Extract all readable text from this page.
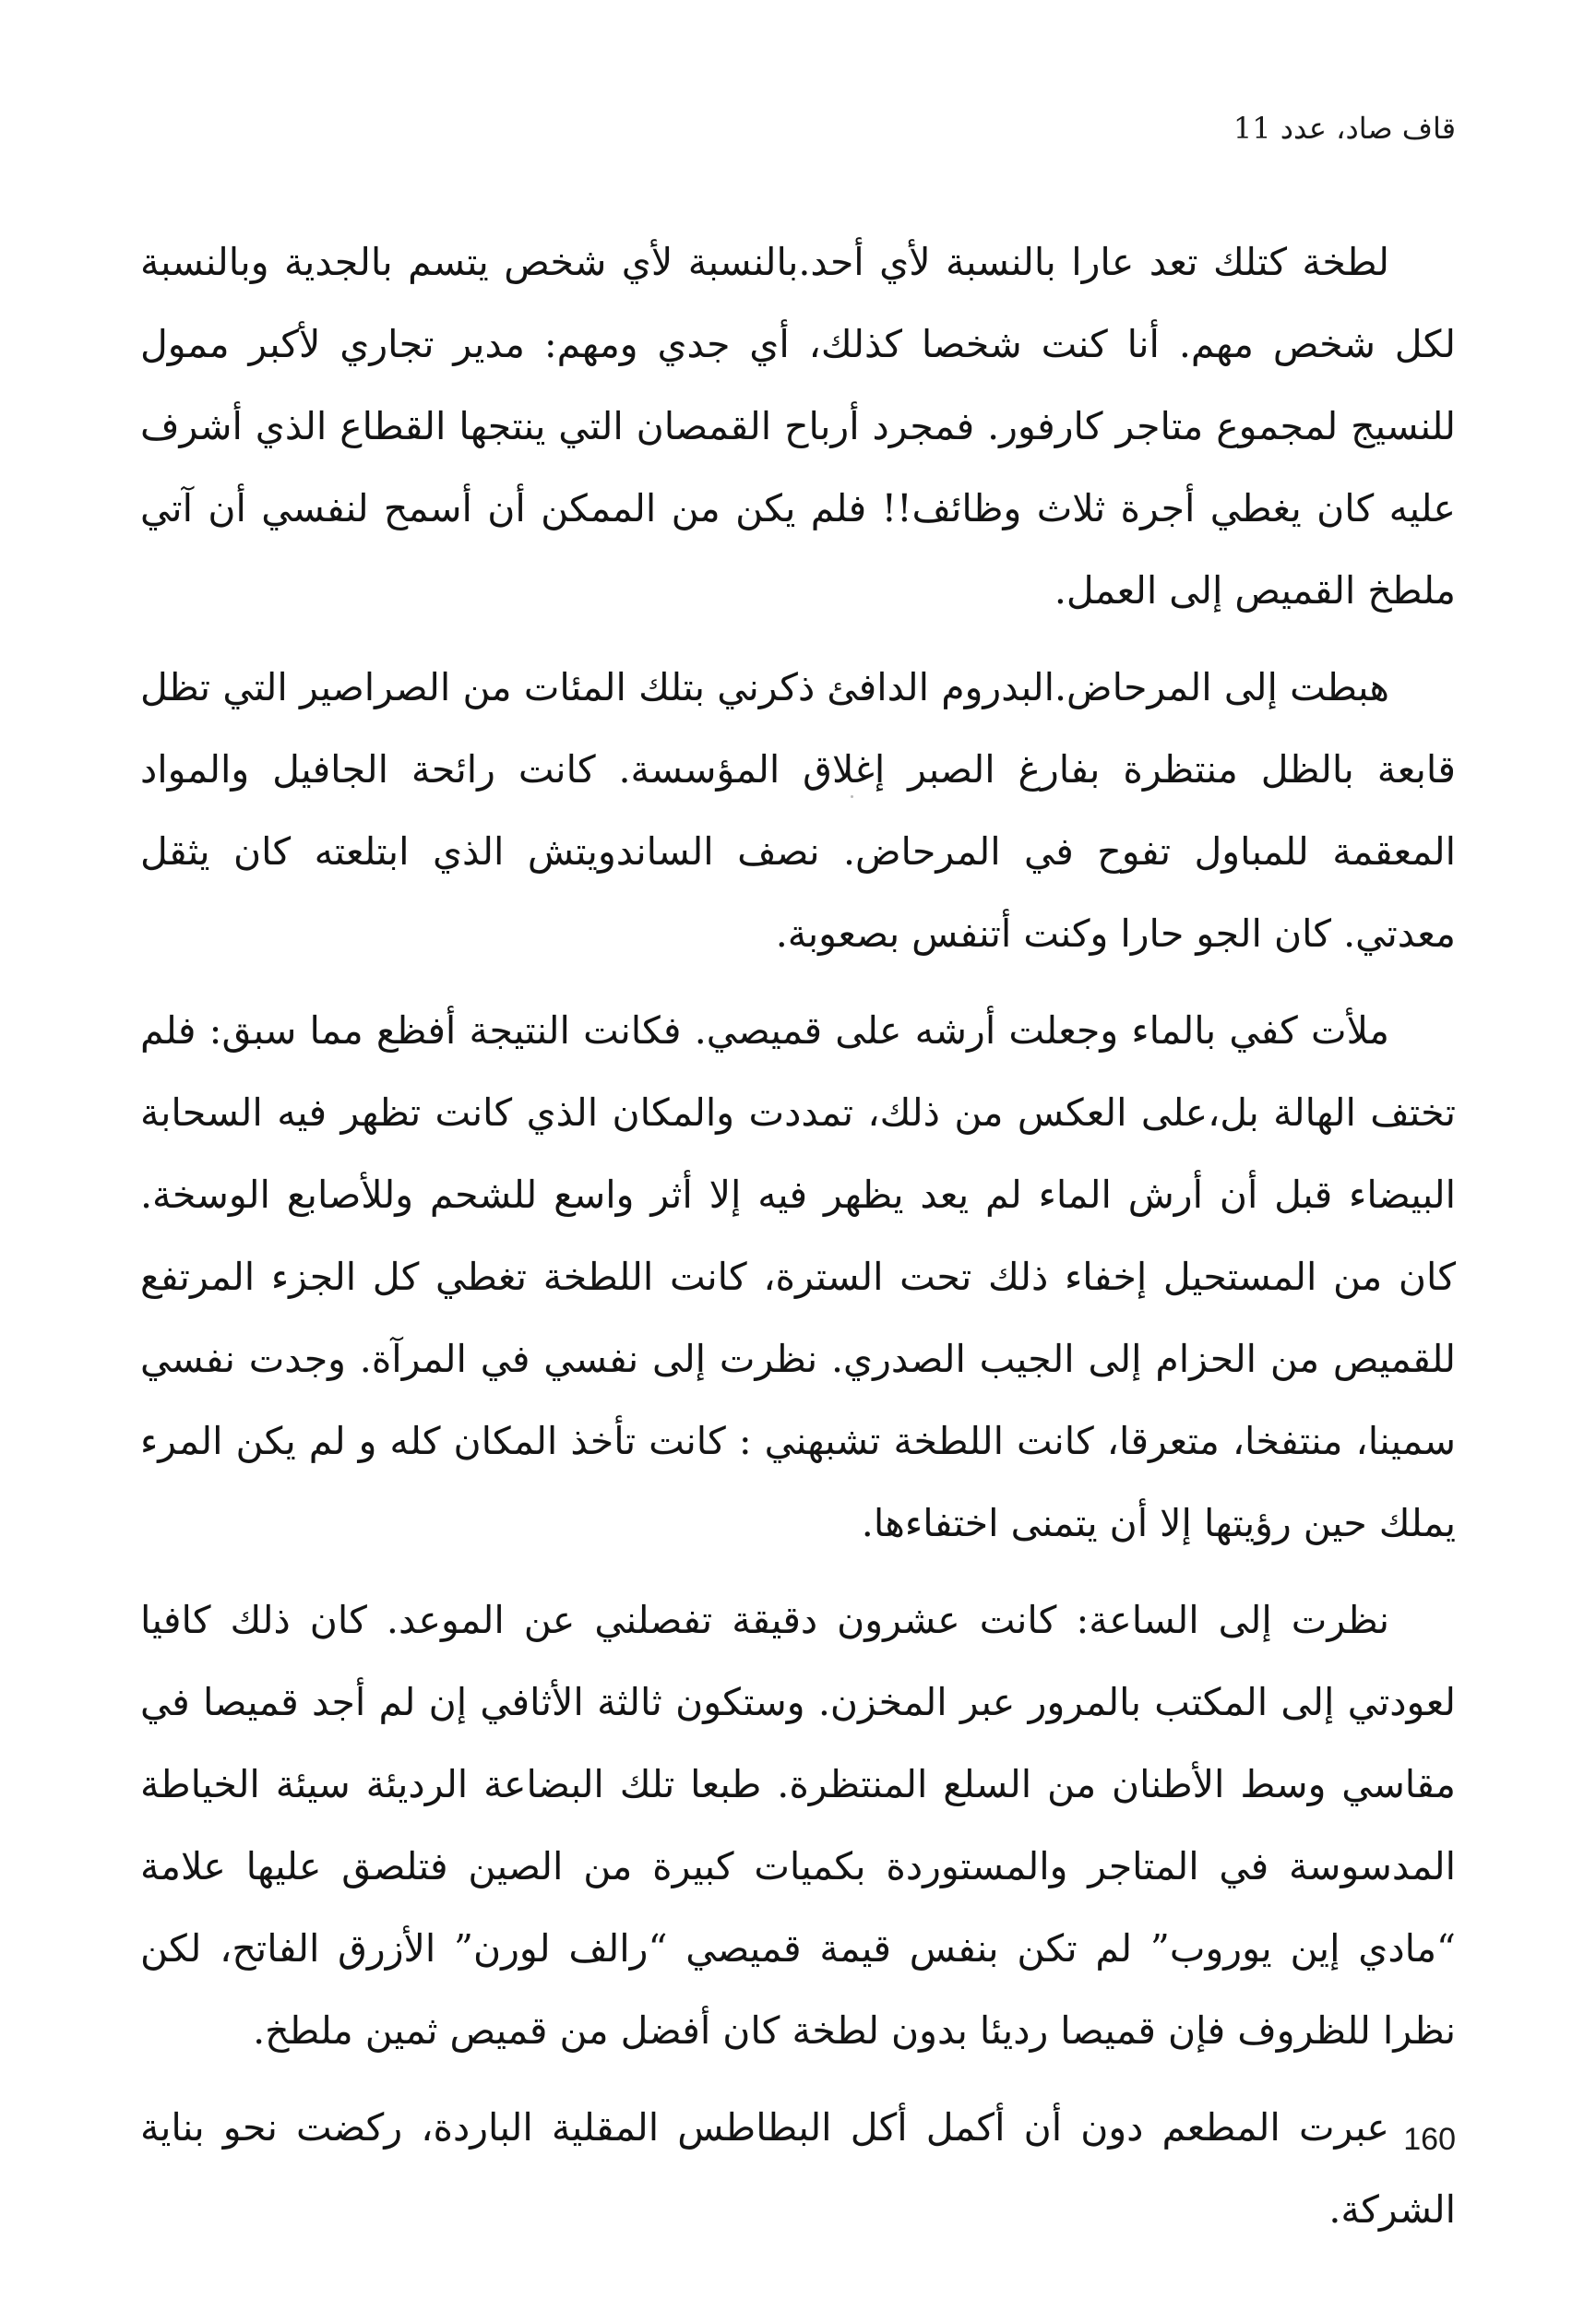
قاف صاد، عدد 11

لطخة كتلك تعد عارا بالنسبة لأي أحد.بالنسبة لأي شخص يتسم بالجدية وبالنسبة لكل شخص مهم. أنا كنت شخصا كذلك، أي جدي ومهم: مدير تجاري لأكبر ممول للنسيج لمجموع متاجر كارفور. فمجرد أرباح القمصان التي ينتجها القطاع الذي أشرف عليه كان يغطي أجرة ثلاث وظائف!! فلم يكن من الممكن أن أسمح لنفسي أن آتي ملطخ القميص إلى العمل.

هبطت إلى المرحاض.البدروم الدافئ ذكرني بتلك المئات من الصراصير التي تظل قابعة بالظل منتظرة بفارغ الصبر إغلاق المؤسسة. كانت رائحة الجافيل والمواد المعقمة للمباول تفوح في المرحاض. نصف الساندويتش الذي ابتلعته كان يثقل معدتي. كان الجو حارا وكنت أتنفس بصعوبة.

ملأت كفي بالماء وجعلت أرشه على قميصي. فكانت النتيجة أفظع مما سبق: فلم تختف الهالة بل،على العكس من ذلك، تمددت والمكان الذي كانت تظهر فيه السحابة البيضاء قبل أن أرش الماء لم يعد يظهر فيه إلا أثر واسع للشحم وللأصابع الوسخة. كان من المستحيل إخفاء ذلك تحت السترة، كانت اللطخة تغطي كل الجزء المرتفع للقميص من الحزام إلى الجيب الصدري. نظرت إلى نفسي في المرآة. وجدت نفسي سمينا، منتفخا، متعرقا، كانت اللطخة تشبهني : كانت تأخذ المكان كله و لم يكن المرء يملك حين رؤيتها إلا أن يتمنى اختفاءها.

نظرت إلى الساعة: كانت عشرون دقيقة تفصلني عن الموعد. كان ذلك كافيا لعودتي إلى المكتب بالمرور عبر المخزن. وستكون ثالثة الأثافي إن لم أجد قميصا في مقاسي وسط الأطنان من السلع المنتظرة. طبعا تلك البضاعة الرديئة سيئة الخياطة المدسوسة في المتاجر والمستوردة بكميات كبيرة من الصين فتلصق عليها علامة “مادي إين يوروب” لم تكن بنفس قيمة قميصي “رالف لورن” الأزرق الفاتح، لكن نظرا للظروف فإن قميصا رديئا بدون لطخة كان أفضل من قميص ثمين ملطخ.

عبرت المطعم دون أن أكمل أكل البطاطس المقلية الباردة، ركضت نحو بناية الشركة.

160
